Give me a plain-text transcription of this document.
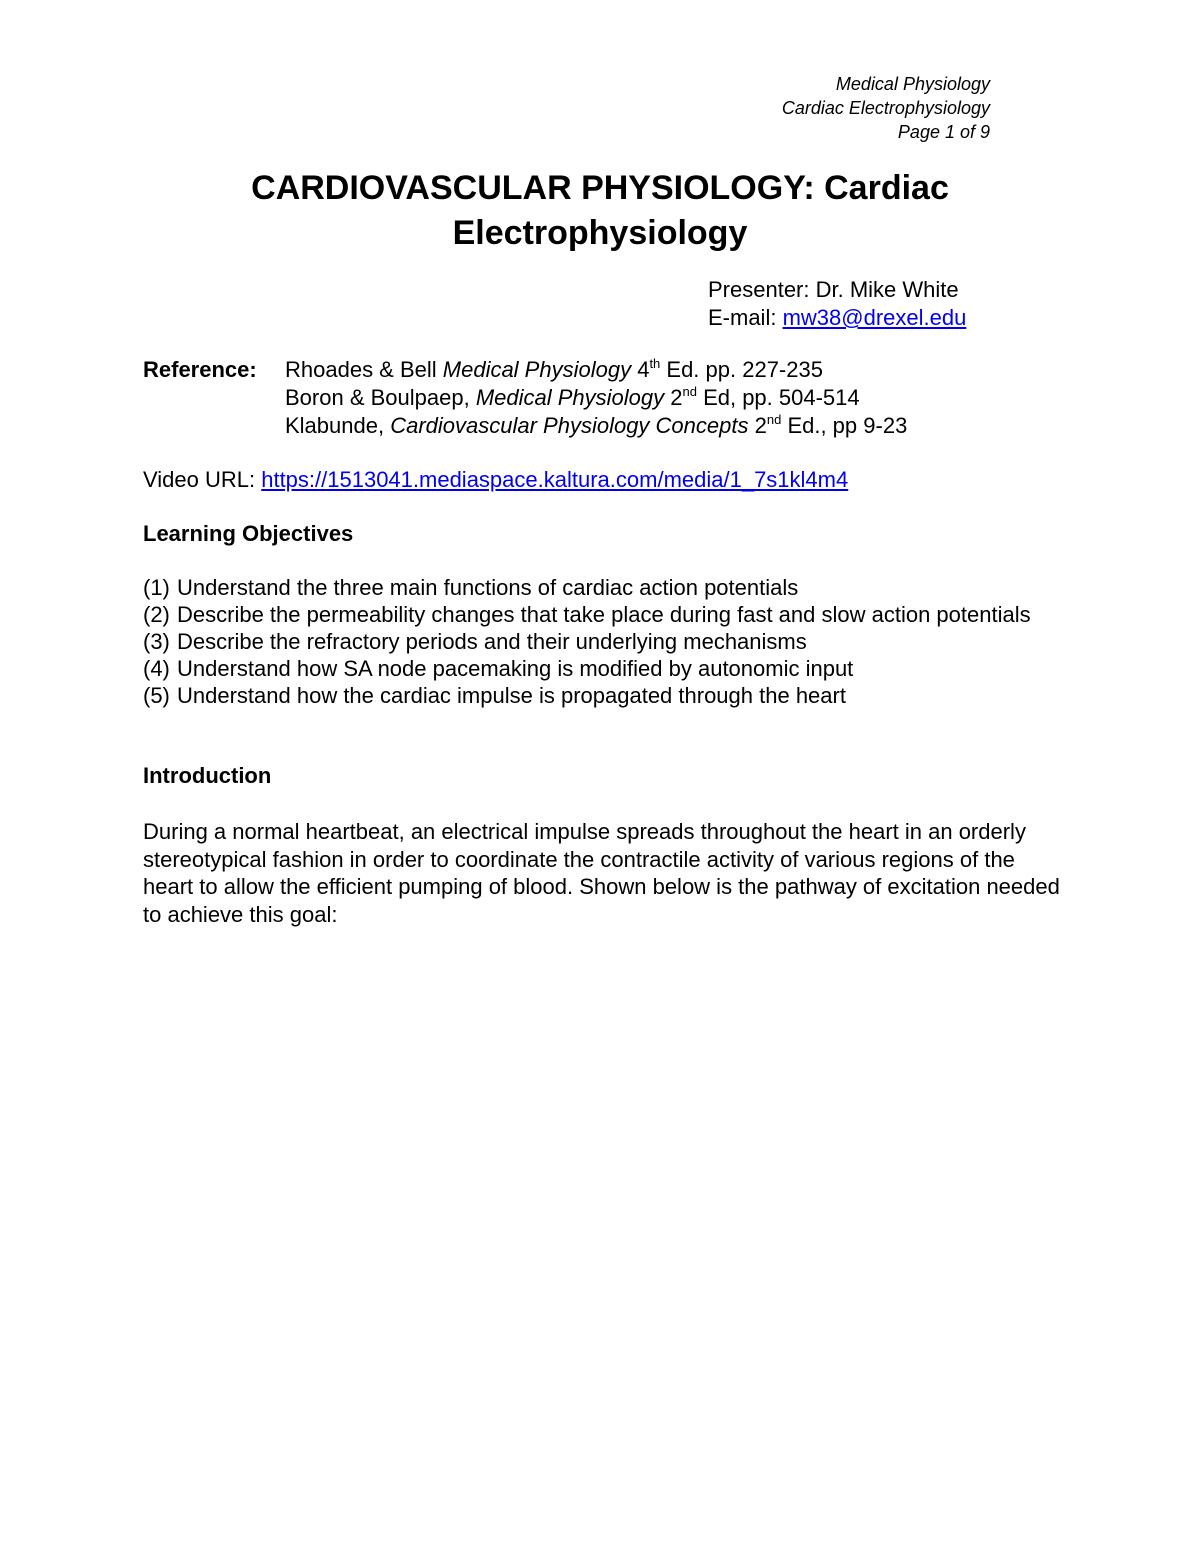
Medical Physiology
Cardiac Electrophysiology
Page 1 of 9
CARDIOVASCULAR PHYSIOLOGY: Cardiac
Electrophysiology
Presenter: Dr. Mike White
E-mail: mw38@drexel.edu
Reference: Rhoades & Bell Medical Physiology 4th Ed. pp. 227-235
Boron & Boulpaep, Medical Physiology 2nd Ed, pp. 504-514
Klabunde, Cardiovascular Physiology Concepts 2nd Ed., pp 9-23
Video URL: https://1513041.mediaspace.kaltura.com/media/1_7s1kl4m4
Learning Objectives
(1) Understand the three main functions of cardiac action potentials
(2) Describe the permeability changes that take place during fast and slow action potentials
(3) Describe the refractory periods and their underlying mechanisms
(4) Understand how SA node pacemaking is modified by autonomic input
(5) Understand how the cardiac impulse is propagated through the heart
Introduction

During a normal heartbeat, an electrical impulse spreads throughout the heart in an orderly stereotypical fashion in order to coordinate the contractile activity of various regions of the heart to allow the efficient pumping of blood. Shown below is the pathway of excitation needed to achieve this goal:
